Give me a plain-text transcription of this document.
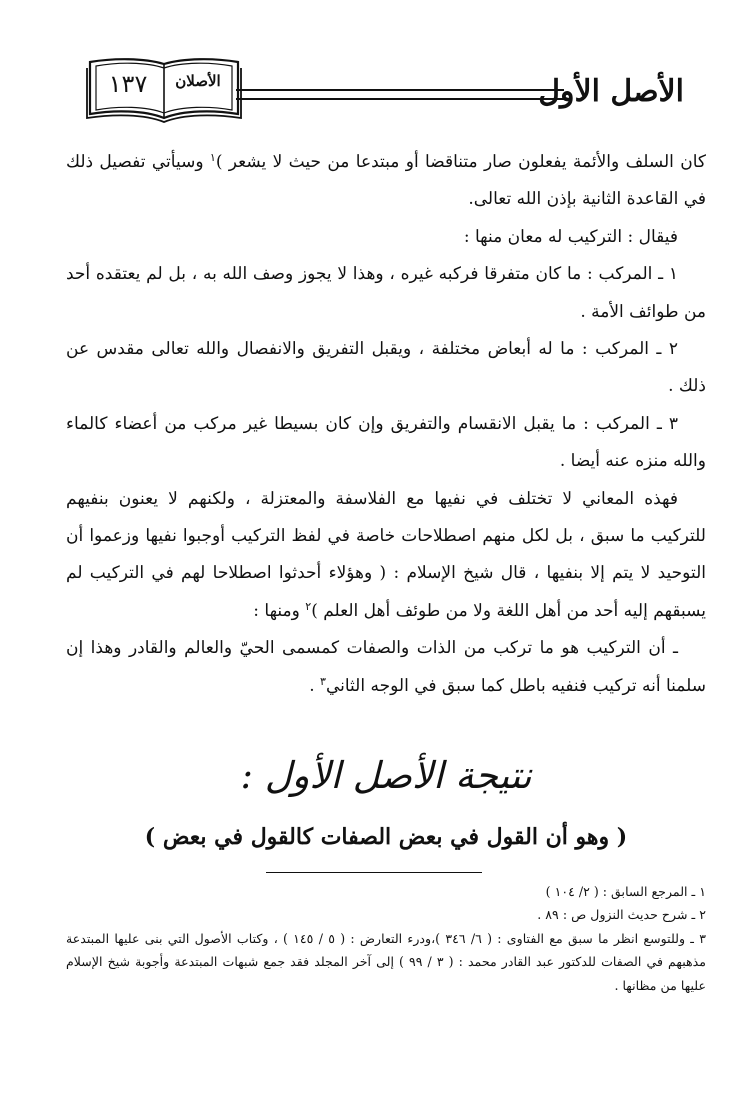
الأصل الأول
١٣٧	الأصلان

كان السلف والأئمة يفعلون صار متناقضا أو مبتدعا من حيث لا يشعر )$^١$ وسيأتي تفصيل ذلك في القاعدة الثانية بإذن الله تعالى.

فيقال : التركيب له معان منها :

١ ـ المركب : ما كان متفرقا فركبه غيره ، وهذا لا يجوز وصف الله به ، بل لم يعتقده أحد من طوائف الأمة .

٢ ـ المركب : ما له أبعاض مختلفة ، ويقبل التفريق والانفصال والله تعالى مقدس عن ذلك .

٣ ـ المركب : ما يقبل الانقسام والتفريق وإن كان بسيطا غير مركب من أعضاء كالماء والله منزه عنه أيضا .

فهذه المعاني لا تختلف في نفيها مع الفلاسفة والمعتزلة ، ولكنهم لا يعنون بنفيهم للتركيب ما سبق ، بل لكل منهم اصطلاحات خاصة في لفظ التركيب أوجبوا نفيها وزعموا أن التوحيد لا يتم إلا بنفيها ، قال شيخ الإسلام : ( وهؤلاء أحدثوا اصطلاحا لهم في التركيب لم يسبقهم إليه أحد من أهل اللغة ولا من طوئف أهل العلم )$^٢$ ومنها :

ـ أن التركيب هو ما تركب من الذات والصفات كمسمى الحيّ والعالم والقادر وهذا إن سلمنا أنه تركيب فنفيه باطل كما سبق في الوجه الثاني$^٣$ .

نتيجة الأصل الأول :
( وهو أن القول في بعض الصفات كالقول في بعض )

١ ـ المرجع السابق : ( ٢/ ١٠٤ )

٢ ـ شرح حديث النزول ص : ٨٩ .

٣ ـ وللتوسع انظر ما سبق مع الفتاوى : ( ٦/ ٣٤٦ )،ودرء التعارض : ( ٥ / ١٤٥ ) ، وكتاب الأصول التي بنى عليها المبتدعة مذهبهم في الصفات للدكتور عبد القادر محمد : ( ٣ / ٩٩ ) إلى آخر المجلد فقد جمع شبهات المبتدعة وأجوبة شيخ الإسلام عليها من مظانها .
